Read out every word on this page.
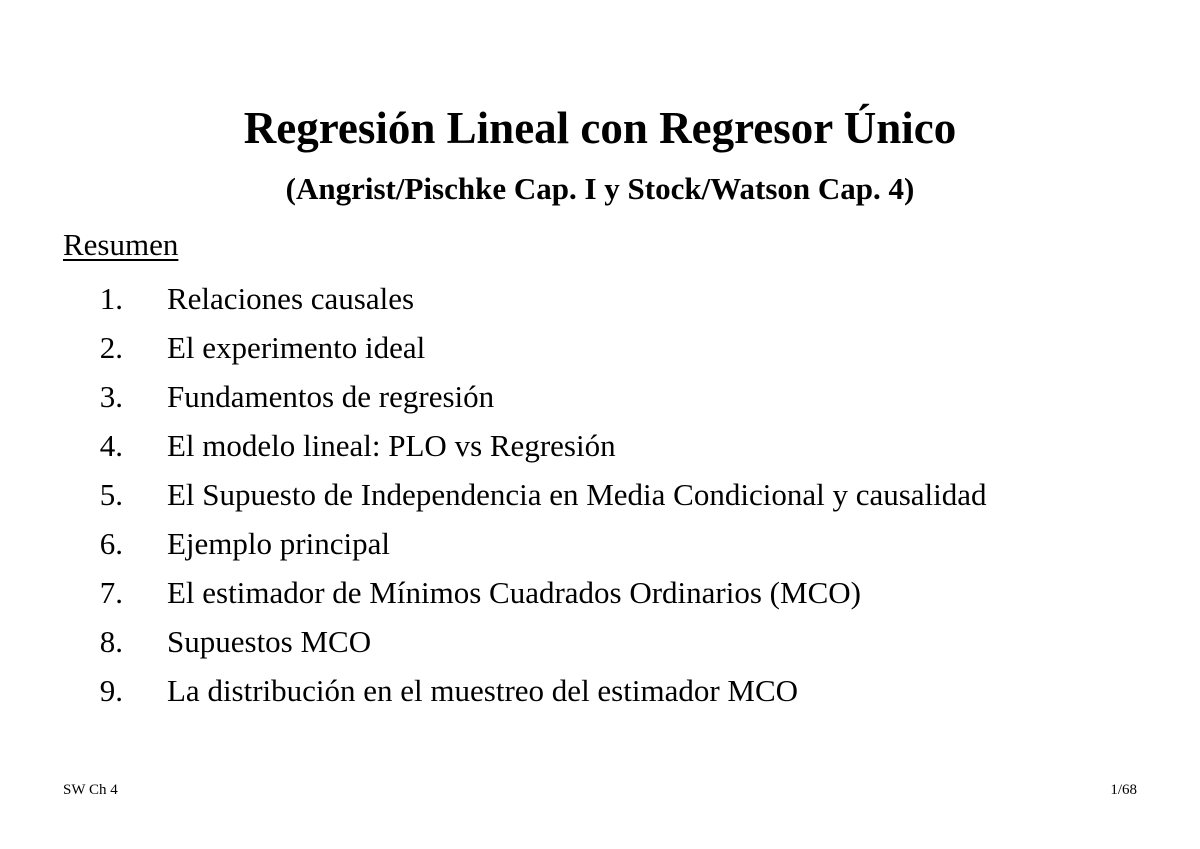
Regresión Lineal con Regresor Único
(Angrist/Pischke Cap. I y Stock/Watson Cap. 4)
Resumen
1. Relaciones causales
2. El experimento ideal
3. Fundamentos de regresión
4. El modelo lineal: PLO vs Regresión
5. El Supuesto de Independencia en Media Condicional y causalidad
6. Ejemplo principal
7. El estimador de Mínimos Cuadrados Ordinarios (MCO)
8. Supuestos MCO
9. La distribución en el muestreo del estimador MCO
SW Ch 4	1/68
